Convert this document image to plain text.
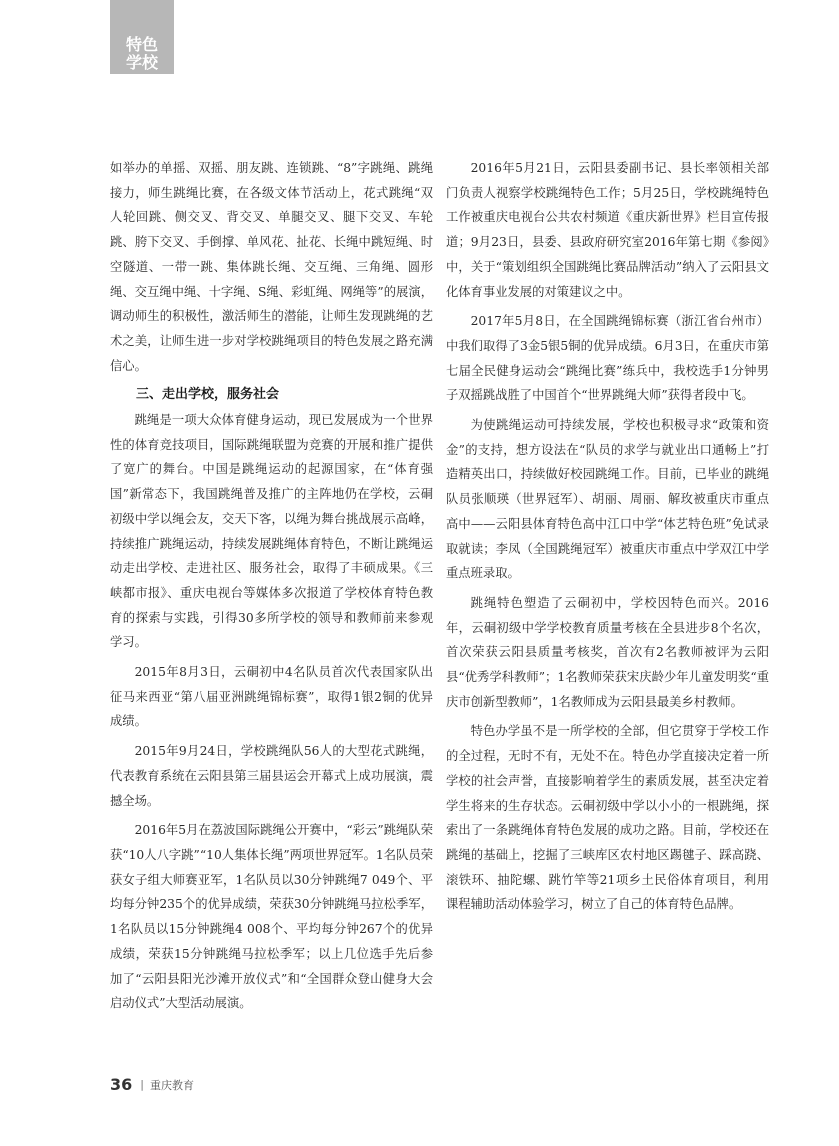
特色
学校

如举办的单摇、双摇、朋友跳、连锁跳、“8”字跳绳、跳绳接力，师生跳绳比赛，在各级文体节活动上，花式跳绳“双人轮回跳、侧交叉、背交叉、单腿交叉、腿下交叉、车轮跳、胯下交叉、手倒撑、单风花、扯花、长绳中跳短绳、时空隧道、一带一跳、集体跳长绳、交互绳、三角绳、圆形绳、交互绳中绳、十字绳、S绳、彩虹绳、网绳等”的展演，调动师生的积极性，激活师生的潜能，让师生发现跳绳的艺术之美，让师生进一步对学校跳绳项目的特色发展之路充满信心。

三、走出学校，服务社会

跳绳是一项大众体育健身运动，现已发展成为一个世界性的体育竞技项目，国际跳绳联盟为竞赛的开展和推广提供了宽广的舞台。中国是跳绳运动的起源国家，在“体育强国”新常态下，我国跳绳普及推广的主阵地仍在学校，云硐初级中学以绳会友，交天下客，以绳为舞台挑战展示高峰，持续推广跳绳运动，持续发展跳绳体育特色，不断让跳绳运动走出学校、走进社区、服务社会，取得了丰硕成果。《三峡都市报》、重庆电视台等媒体多次报道了学校体育特色教育的探索与实践，引得30多所学校的领导和教师前来参观学习。

2015年8月3日，云硐初中4名队员首次代表国家队出征马来西亚“第八届亚洲跳绳锦标赛”，取得1银2铜的优异成绩。

2015年9月24日，学校跳绳队56人的大型花式跳绳，代表教育系统在云阳县第三届县运会开幕式上成功展演，震撼全场。

2016年5月在荔波国际跳绳公开赛中，“彩云”跳绳队荣获“10人八字跳”“10人集体长绳”两项世界冠军。1名队员荣获女子组大师赛亚军，1名队员以30分钟跳绳7 049个、平均每分钟235个的优异成绩，荣获30分钟跳绳马拉松季军，1名队员以15分钟跳绳4 008个、平均每分钟267个的优异成绩，荣获15分钟跳绳马拉松季军；以上几位选手先后参加了“云阳县阳光沙滩开放仪式”和“全国群众登山健身大会启动仪式”大型活动展演。

2016年5月21日，云阳县委副书记、县长率领相关部门负责人视察学校跳绳特色工作；5月25日，学校跳绳特色工作被重庆电视台公共农村频道《重庆新世界》栏目宣传报道；9月23日，县委、县政府研究室2016年第七期《参阅》中，关于“策划组织全国跳绳比赛品牌活动”纳入了云阳县文化体育事业发展的对策建议之中。

2017年5月8日，在全国跳绳锦标赛（浙江省台州市）中我们取得了3金5银5铜的优异成绩。6月3日，在重庆市第七届全民健身运动会“跳绳比赛”练兵中，我校选手1分钟男子双摇跳战胜了中国首个“世界跳绳大师”获得者段中飞。

为使跳绳运动可持续发展，学校也积极寻求“政策和资金”的支持，想方设法在“队员的求学与就业出口通畅上”打造精英出口，持续做好校园跳绳工作。目前，已毕业的跳绳队员张顺瑛（世界冠军）、胡丽、周丽、解玫被重庆市重点高中——云阳县体育特色高中江口中学“体艺特色班”免试录取就读；李凤（全国跳绳冠军）被重庆市重点中学双江中学重点班录取。

跳绳特色塑造了云硐初中，学校因特色而兴。2016年，云硐初级中学学校教育质量考核在全县进步8个名次，首次荣获云阳县质量考核奖，首次有2名教师被评为云阳县“优秀学科教师”；1名教师荣获宋庆龄少年儿童发明奖“重庆市创新型教师”，1名教师成为云阳县最美乡村教师。

特色办学虽不是一所学校的全部，但它贯穿于学校工作的全过程，无时不有，无处不在。特色办学直接决定着一所学校的社会声誉，直接影响着学生的素质发展，甚至决定着学生将来的生存状态。云硐初级中学以小小的一根跳绳，探索出了一条跳绳体育特色发展的成功之路。目前，学校还在跳绳的基础上，挖掘了三峡库区农村地区踢毽子、踩高跷、滚铁环、抽陀螺、跳竹竿等21项乡土民俗体育项目，利用课程辅助活动体验学习，树立了自己的体育特色品牌。

36 | 重庆教育
